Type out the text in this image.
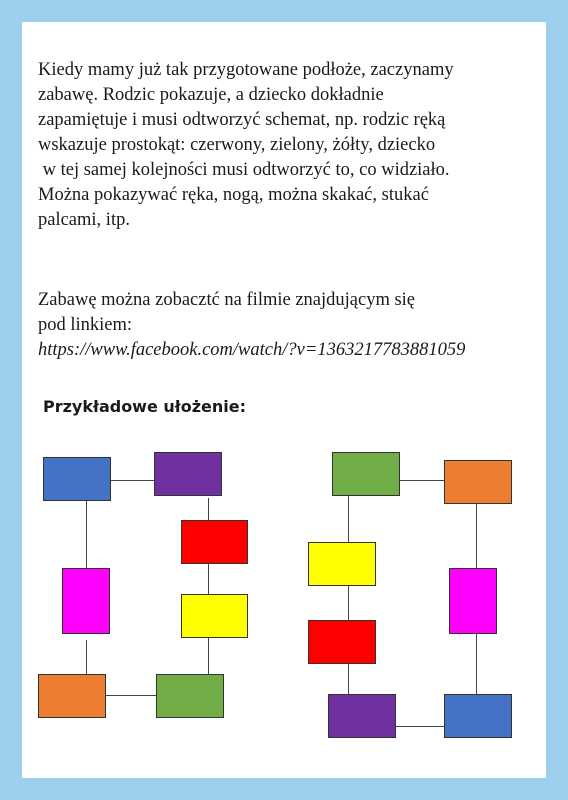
Kiedy mamy już tak przygotowane podłoże, zaczynamy
zabawę. Rodzic pokazuje, a dziecko dokładnie
zapamiętuje i musi odtworzyć schemat, np. rodzic ręką
wskazuje prostokąt: czerwony, zielony, żółty, dziecko
w tej samej kolejności musi odtworzyć to, co widziało.
Można pokazywać ręka, nogą, można skakać, stukać
palcami, itp.

Zabawę można zobacztć na filmie znajdującym się
pod linkiem:
https://www.facebook.com/watch/?v=1363217783881059

Przykładowe ułożenie:
